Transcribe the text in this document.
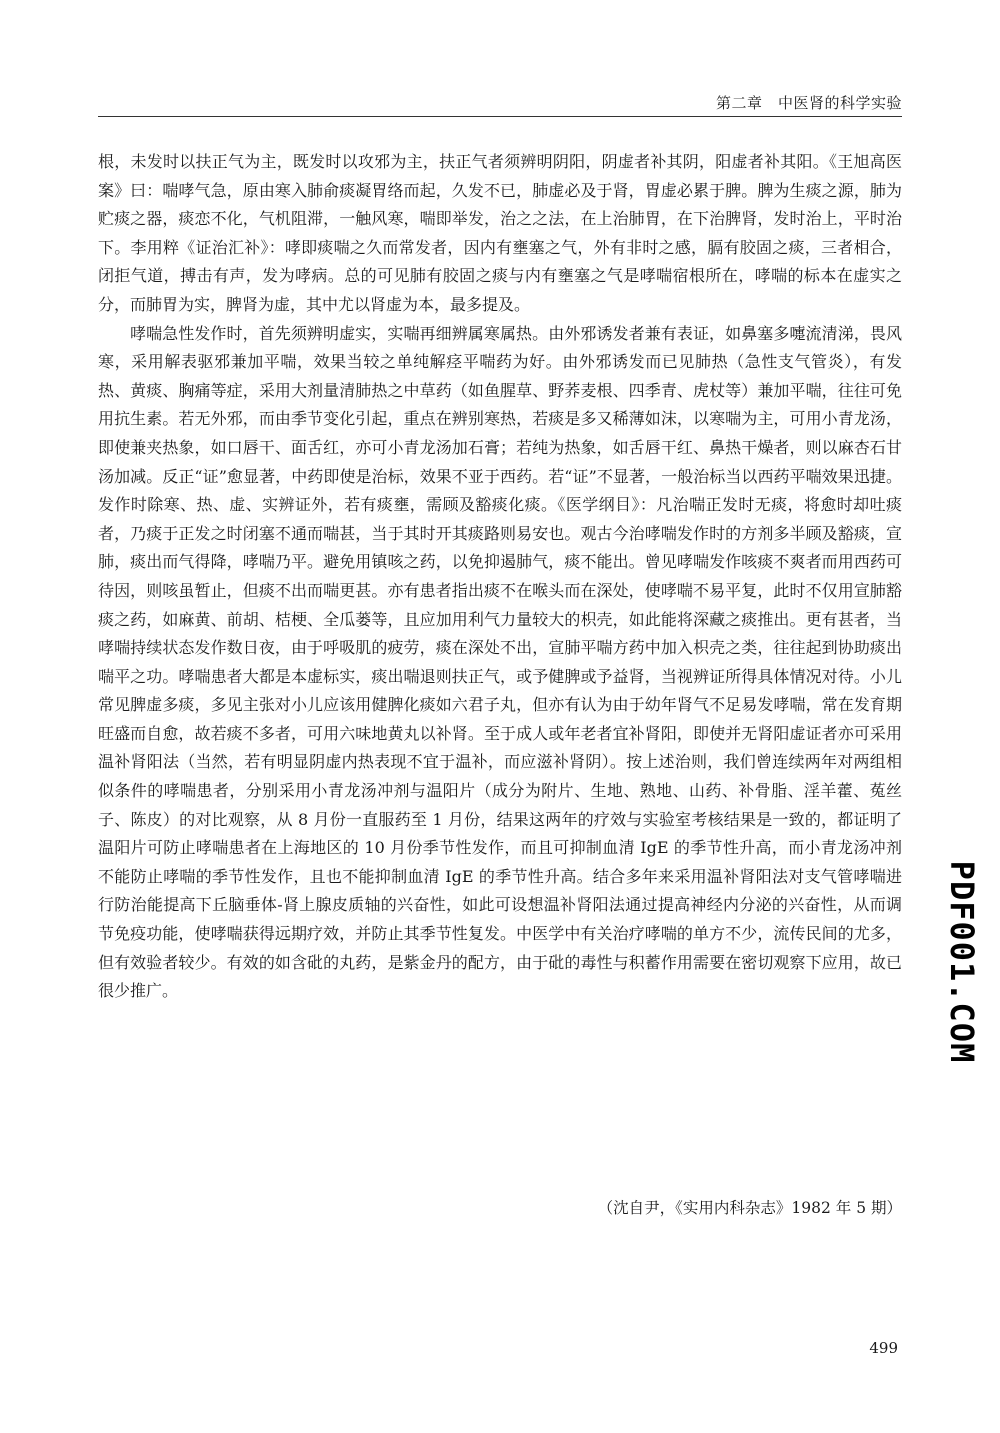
第二章　中医肾的科学实验

根，未发时以扶正气为主，既发时以攻邪为主，扶正气者须辨明阴阳，阴虚者补其阴，阳虚者补其阳。《王旭高医案》曰：喘哮气急，原由寒入肺俞痰凝胃络而起，久发不已，肺虚必及于肾，胃虚必累于脾。脾为生痰之源，肺为贮痰之器，痰恋不化，气机阻滞，一触风寒，喘即举发，治之之法，在上治肺胃，在下治脾肾，发时治上，平时治下。李用粹《证治汇补》：哮即痰喘之久而常发者，因内有壅塞之气，外有非时之感，膈有胶固之痰，三者相合，闭拒气道，搏击有声，发为哮病。总的可见肺有胶固之痰与内有壅塞之气是哮喘宿根所在，哮喘的标本在虚实之分，而肺胃为实，脾肾为虚，其中尤以肾虚为本，最多提及。

哮喘急性发作时，首先须辨明虚实，实喘再细辨属寒属热。由外邪诱发者兼有表证，如鼻塞多嚏流清涕，畏风寒，采用解表驱邪兼加平喘，效果当较之单纯解痉平喘药为好。由外邪诱发而已见肺热（急性支气管炎），有发热、黄痰、胸痛等症，采用大剂量清肺热之中草药（如鱼腥草、野荞麦根、四季青、虎杖等）兼加平喘，往往可免用抗生素。若无外邪，而由季节变化引起，重点在辨别寒热，若痰是多又稀薄如沫，以寒喘为主，可用小青龙汤，即使兼夹热象，如口唇干、面舌红，亦可小青龙汤加石膏；若纯为热象，如舌唇干红、鼻热干燥者，则以麻杏石甘汤加减。反正“证”愈显著，中药即使是治标，效果不亚于西药。若“证”不显著，一般治标当以西药平喘效果迅捷。发作时除寒、热、虚、实辨证外，若有痰壅，需顾及豁痰化痰。《医学纲目》：凡治喘正发时无痰，将愈时却吐痰者，乃痰于正发之时闭塞不通而喘甚，当于其时开其痰路则易安也。观古今治哮喘发作时的方剂多半顾及豁痰，宣肺，痰出而气得降，哮喘乃平。避免用镇咳之药，以免抑遏肺气，痰不能出。曾见哮喘发作咳痰不爽者而用西药可待因，则咳虽暂止，但痰不出而喘更甚。亦有患者指出痰不在喉头而在深处，使哮喘不易平复，此时不仅用宣肺豁痰之药，如麻黄、前胡、桔梗、全瓜蒌等，且应加用利气力量较大的枳壳，如此能将深藏之痰推出。更有甚者，当哮喘持续状态发作数日夜，由于呼吸肌的疲劳，痰在深处不出，宣肺平喘方药中加入枳壳之类，往往起到协助痰出喘平之功。哮喘患者大都是本虚标实，痰出喘退则扶正气，或予健脾或予益肾，当视辨证所得具体情况对待。小儿常见脾虚多痰，多见主张对小儿应该用健脾化痰如六君子丸，但亦有认为由于幼年肾气不足易发哮喘，常在发育期旺盛而自愈，故若痰不多者，可用六味地黄丸以补肾。至于成人或年老者宜补肾阳，即使并无肾阳虚证者亦可采用温补肾阳法（当然，若有明显阴虚内热表现不宜于温补，而应滋补肾阴）。按上述治则，我们曾连续两年对两组相似条件的哮喘患者，分别采用小青龙汤冲剂与温阳片（成分为附片、生地、熟地、山药、补骨脂、淫羊藿、菟丝子、陈皮）的对比观察，从 8 月份一直服药至 1 月份，结果这两年的疗效与实验室考核结果是一致的，都证明了温阳片可防止哮喘患者在上海地区的 10 月份季节性发作，而且可抑制血清 IgE 的季节性升高，而小青龙汤冲剂不能防止哮喘的季节性发作，且也不能抑制血清 IgE 的季节性升高。结合多年来采用温补肾阳法对支气管哮喘进行防治能提高下丘脑垂体-肾上腺皮质轴的兴奋性，如此可设想温补肾阳法通过提高神经内分泌的兴奋性，从而调节免疫功能，使哮喘获得远期疗效，并防止其季节性复发。中医学中有关治疗哮喘的单方不少，流传民间的尤多，但有效验者较少。有效的如含砒的丸药，是紫金丹的配方，由于砒的毒性与积蓄作用需要在密切观察下应用，故已很少推广。

（沈自尹，《实用内科杂志》1982 年 5 期）
PDF001.COM
499
